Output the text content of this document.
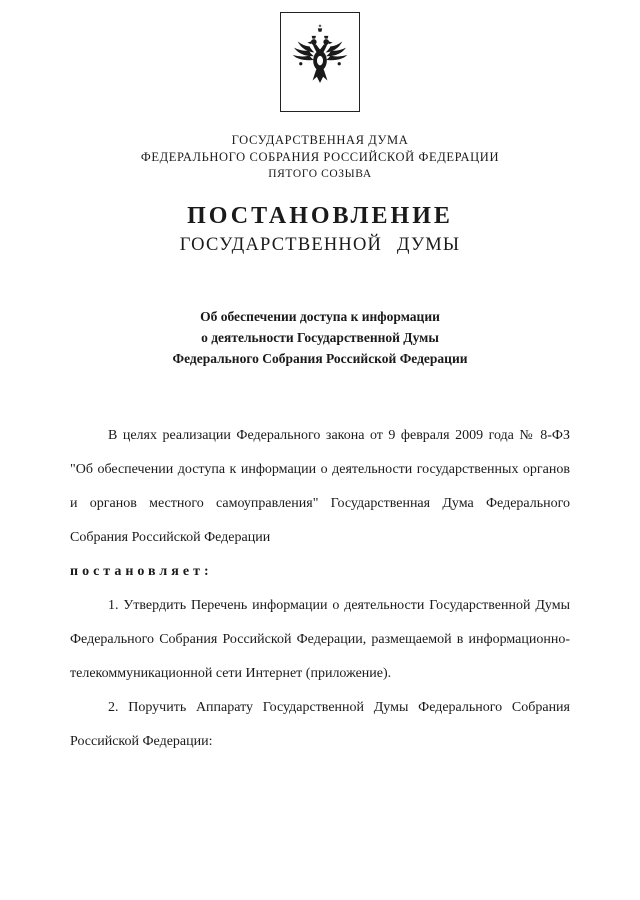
ГОСУДАРСТВЕННАЯ ДУМА
ФЕДЕРАЛЬНОГО СОБРАНИЯ РОССИЙСКОЙ ФЕДЕРАЦИИ
ПЯТОГО СОЗЫВА
ПОСТАНОВЛЕНИЕ
ГОСУДАРСТВЕННОЙ ДУМЫ
Об обеспечении доступа к информации
о деятельности Государственной Думы
Федерального Собрания Российской Федерации

В целях реализации Федерального закона от 9 февраля 2009 года № 8-ФЗ "Об обеспечении доступа к информации о деятельности государственных органов и органов местного самоуправления" Государственная Дума Федерального Собрания Российской Федерации

постановляет:

1. Утвердить Перечень информации о деятельности Государственной Думы Федерального Собрания Российской Федерации, размещаемой в информационно-телекоммуникационной сети Интернет (приложение).

2. Поручить Аппарату Государственной Думы Федерального Собрания Российской Федерации:
